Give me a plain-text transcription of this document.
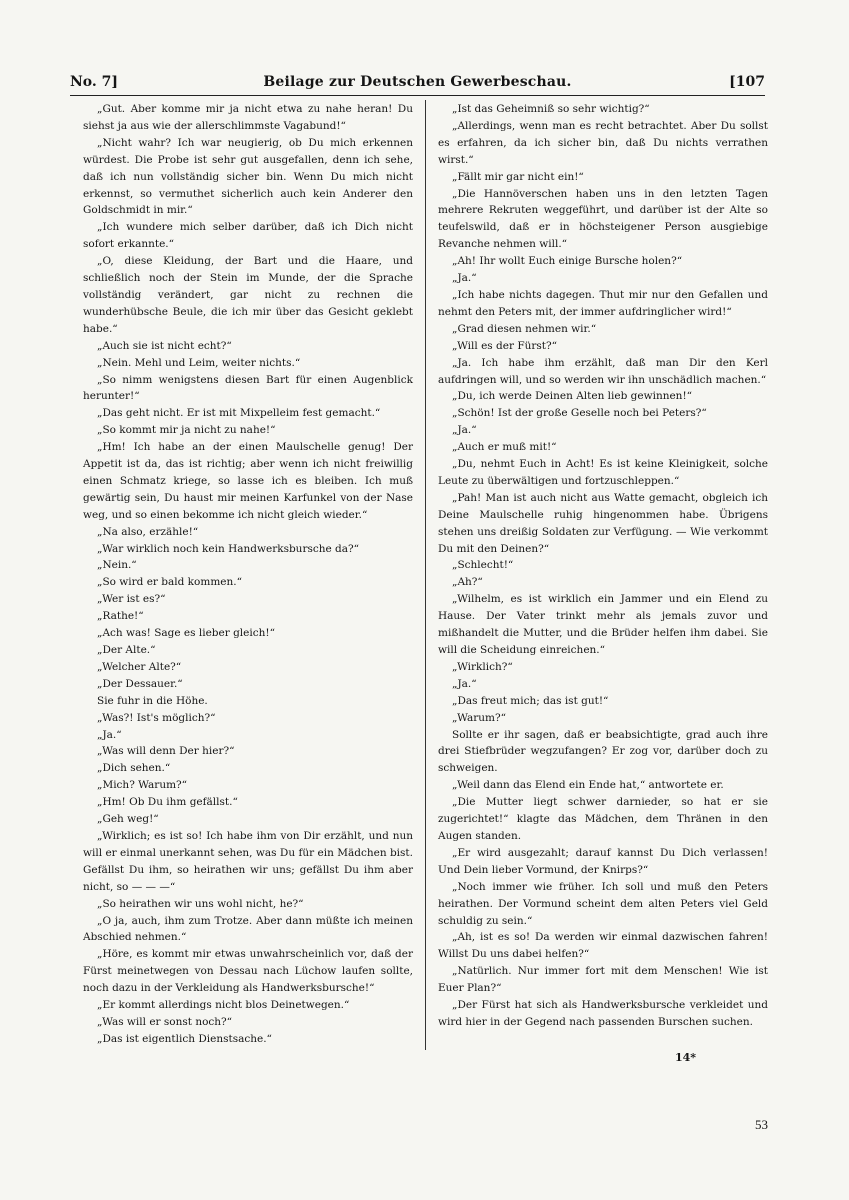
No. 7]	Beilage zur Deutschen Gewerbeschau.	[107

„Gut. Aber komme mir ja nicht etwa zu nahe heran! Du siehst ja aus wie der allerschlimmste Vagabund!“

„Nicht wahr? Ich war neugierig, ob Du mich erkennen würdest. Die Probe ist sehr gut ausgefallen, denn ich sehe, daß ich nun vollständig sicher bin. Wenn Du mich nicht erkennst, so vermuthet sicherlich auch kein Anderer den Goldschmidt in mir.“

„Ich wundere mich selber darüber, daß ich Dich nicht sofort erkannte.“

„O, diese Kleidung, der Bart und die Haare, und schließlich noch der Stein im Munde, der die Sprache vollständig verändert, gar nicht zu rechnen die wunderhübsche Beule, die ich mir über das Gesicht geklebt habe.“

„Auch sie ist nicht echt?“

„Nein. Mehl und Leim, weiter nichts.“

„So nimm wenigstens diesen Bart für einen Augenblick herunter!“

„Das geht nicht. Er ist mit Mixpelleim fest gemacht.“

„So kommt mir ja nicht zu nahe!“

„Hm! Ich habe an der einen Maulschelle genug! Der Appetit ist da, das ist richtig; aber wenn ich nicht freiwillig einen Schmatz kriege, so lasse ich es bleiben. Ich muß gewärtig sein, Du haust mir meinen Karfunkel von der Nase weg, und so einen bekomme ich nicht gleich wieder.“

„Na also, erzähle!“

„War wirklich noch kein Handwerksbursche da?“

„Nein.“

„So wird er bald kommen.“

„Wer ist es?“

„Rathe!“

„Ach was! Sage es lieber gleich!“

„Der Alte.“

„Welcher Alte?“

„Der Dessauer.“

Sie fuhr in die Höhe.

„Was?! Ist's möglich?“

„Ja.“

„Was will denn Der hier?“

„Dich sehen.“

„Mich? Warum?“

„Hm! Ob Du ihm gefällst.“

„Geh weg!“

„Wirklich; es ist so! Ich habe ihm von Dir erzählt, und nun will er einmal unerkannt sehen, was Du für ein Mädchen bist. Gefällst Du ihm, so heirathen wir uns; gefällst Du ihm aber nicht, so — — —“

„So heirathen wir uns wohl nicht, he?“

„O ja, auch, ihm zum Trotze. Aber dann müßte ich meinen Abschied nehmen.“

„Höre, es kommt mir etwas unwahrscheinlich vor, daß der Fürst meinetwegen von Dessau nach Lüchow laufen sollte, noch dazu in der Verkleidung als Handwerksbursche!“

„Er kommt allerdings nicht blos Deinetwegen.“

„Was will er sonst noch?“

„Das ist eigentlich Dienstsache.“

„Ist das Geheimniß so sehr wichtig?“

„Allerdings, wenn man es recht betrachtet. Aber Du sollst es erfahren, da ich sicher bin, daß Du nichts verrathen wirst.“

„Fällt mir gar nicht ein!“

„Die Hannöverschen haben uns in den letzten Tagen mehrere Rekruten weggeführt, und darüber ist der Alte so teufelswild, daß er in höchsteigener Person ausgiebige Revanche nehmen will.“

„Ah! Ihr wollt Euch einige Bursche holen?“

„Ja.“

„Ich habe nichts dagegen. Thut mir nur den Gefallen und nehmt den Peters mit, der immer aufdringlicher wird!“

„Grad diesen nehmen wir.“

„Will es der Fürst?“

„Ja. Ich habe ihm erzählt, daß man Dir den Kerl aufdringen will, und so werden wir ihn unschädlich machen.“

„Du, ich werde Deinen Alten lieb gewinnen!“

„Schön! Ist der große Geselle noch bei Peters?“

„Ja.“

„Auch er muß mit!“

„Du, nehmt Euch in Acht! Es ist keine Kleinigkeit, solche Leute zu überwältigen und fortzuschleppen.“

„Pah! Man ist auch nicht aus Watte gemacht, obgleich ich Deine Maulschelle ruhig hingenommen habe. Übrigens stehen uns dreißig Soldaten zur Verfügung. — Wie verkommt Du mit den Deinen?“

„Schlecht!“

„Ah?“

„Wilhelm, es ist wirklich ein Jammer und ein Elend zu Hause. Der Vater trinkt mehr als jemals zuvor und mißhandelt die Mutter, und die Brüder helfen ihm dabei. Sie will die Scheidung einreichen.“

„Wirklich?“

„Ja.“

„Das freut mich; das ist gut!“

„Warum?“

Sollte er ihr sagen, daß er beabsichtigte, grad auch ihre drei Stiefbrüder wegzufangen? Er zog vor, darüber doch zu schweigen.

„Weil dann das Elend ein Ende hat,“ antwortete er.

„Die Mutter liegt schwer darnieder, so hat er sie zugerichtet!“ klagte das Mädchen, dem Thränen in den Augen standen.

„Er wird ausgezahlt; darauf kannst Du Dich verlassen! Und Dein lieber Vormund, der Knirps?“

„Noch immer wie früher. Ich soll und muß den Peters heirathen. Der Vormund scheint dem alten Peters viel Geld schuldig zu sein.“

„Ah, ist es so! Da werden wir einmal dazwischen fahren! Willst Du uns dabei helfen?“

„Natürlich. Nur immer fort mit dem Menschen! Wie ist Euer Plan?“

„Der Fürst hat sich als Handwerksbursche verkleidet und wird hier in der Gegend nach passenden Burschen suchen.

14*
53
